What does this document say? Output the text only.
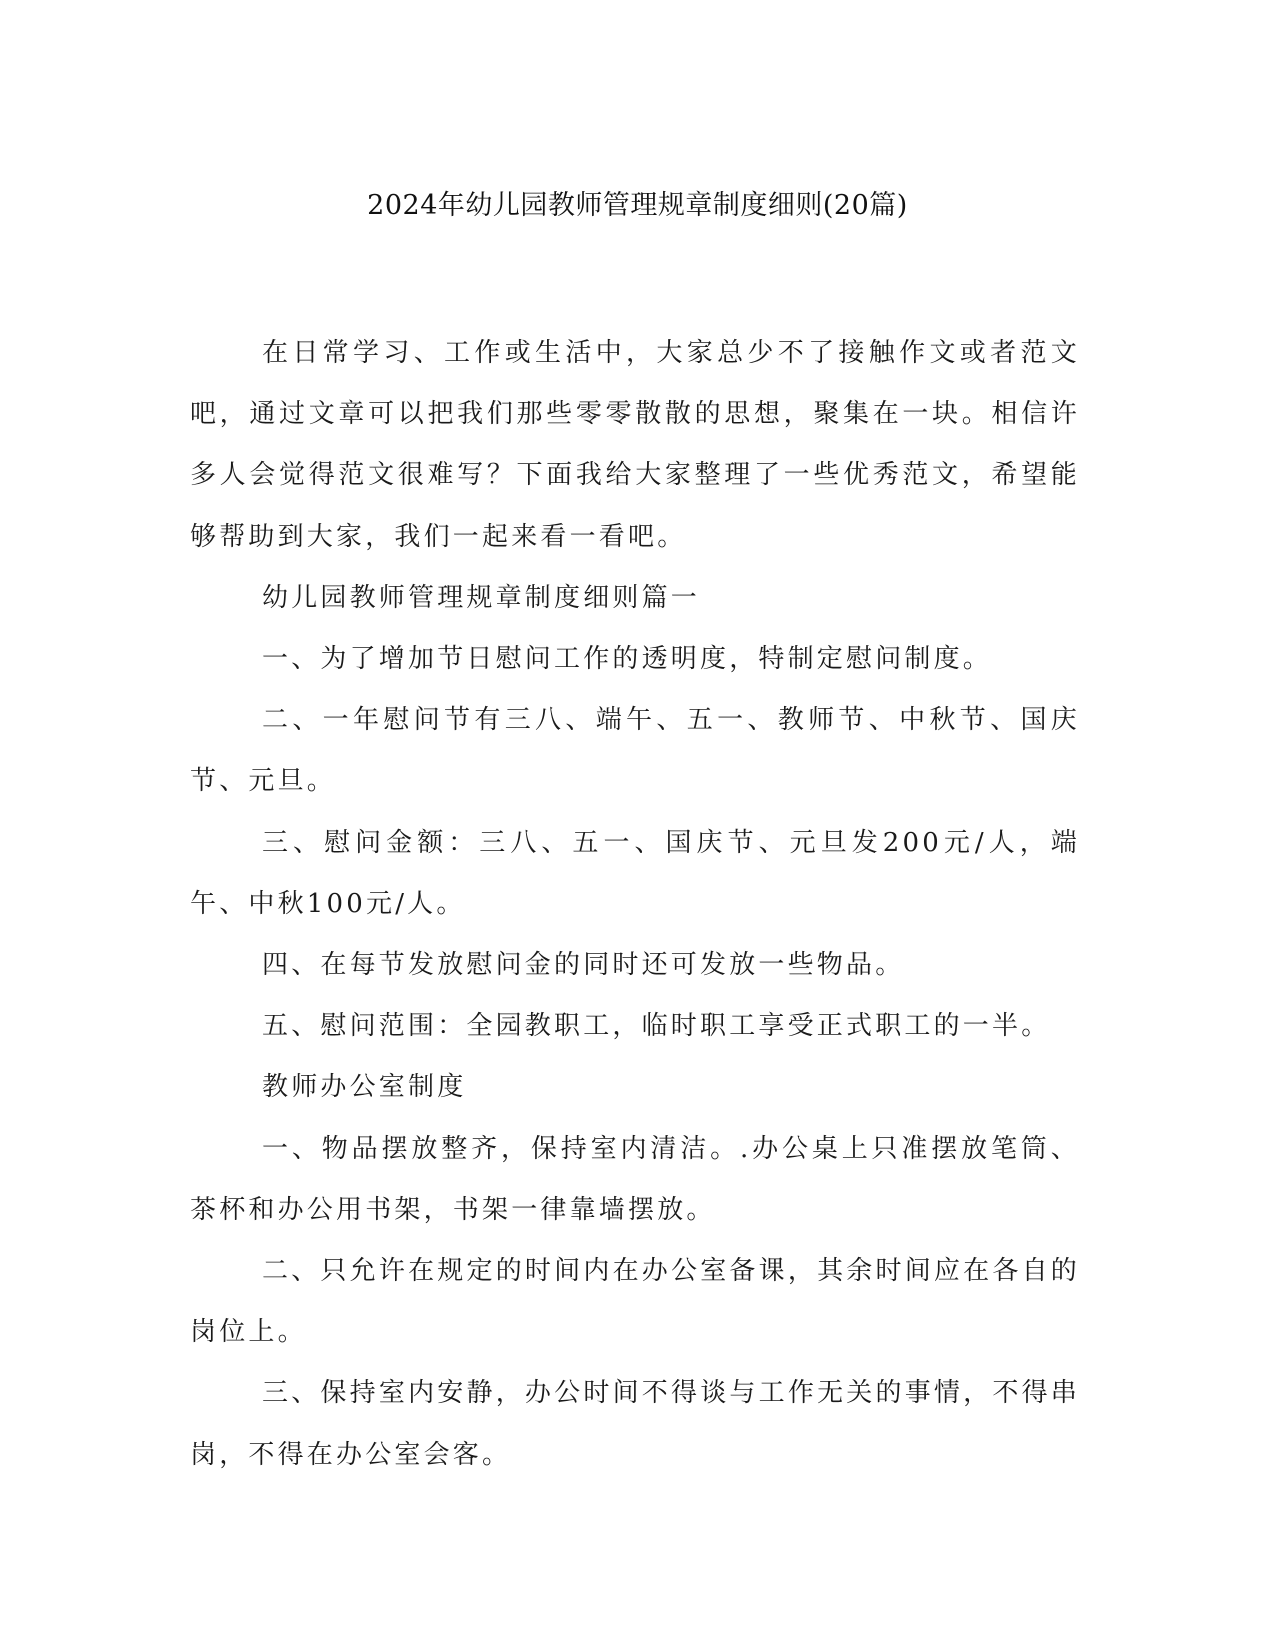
2024年幼儿园教师管理规章制度细则(20篇)

在日常学习、工作或生活中，大家总少不了接触作文或者范文吧，通过文章可以把我们那些零零散散的思想，聚集在一块。相信许多人会觉得范文很难写？下面我给大家整理了一些优秀范文，希望能够帮助到大家，我们一起来看一看吧。

幼儿园教师管理规章制度细则篇一

一、为了增加节日慰问工作的透明度，特制定慰问制度。

二、一年慰问节有三八、端午、五一、教师节、中秋节、国庆节、元旦。

三、慰问金额：三八、五一、国庆节、元旦发200元/人，端午、中秋100元/人。

四、在每节发放慰问金的同时还可发放一些物品。

五、慰问范围：全园教职工，临时职工享受正式职工的一半。

教师办公室制度

一、物品摆放整齐，保持室内清洁。.办公桌上只准摆放笔筒、茶杯和办公用书架，书架一律靠墙摆放。

二、只允许在规定的时间内在办公室备课，其余时间应在各自的岗位上。

三、保持室内安静，办公时间不得谈与工作无关的事情，不得串岗，不得在办公室会客。
